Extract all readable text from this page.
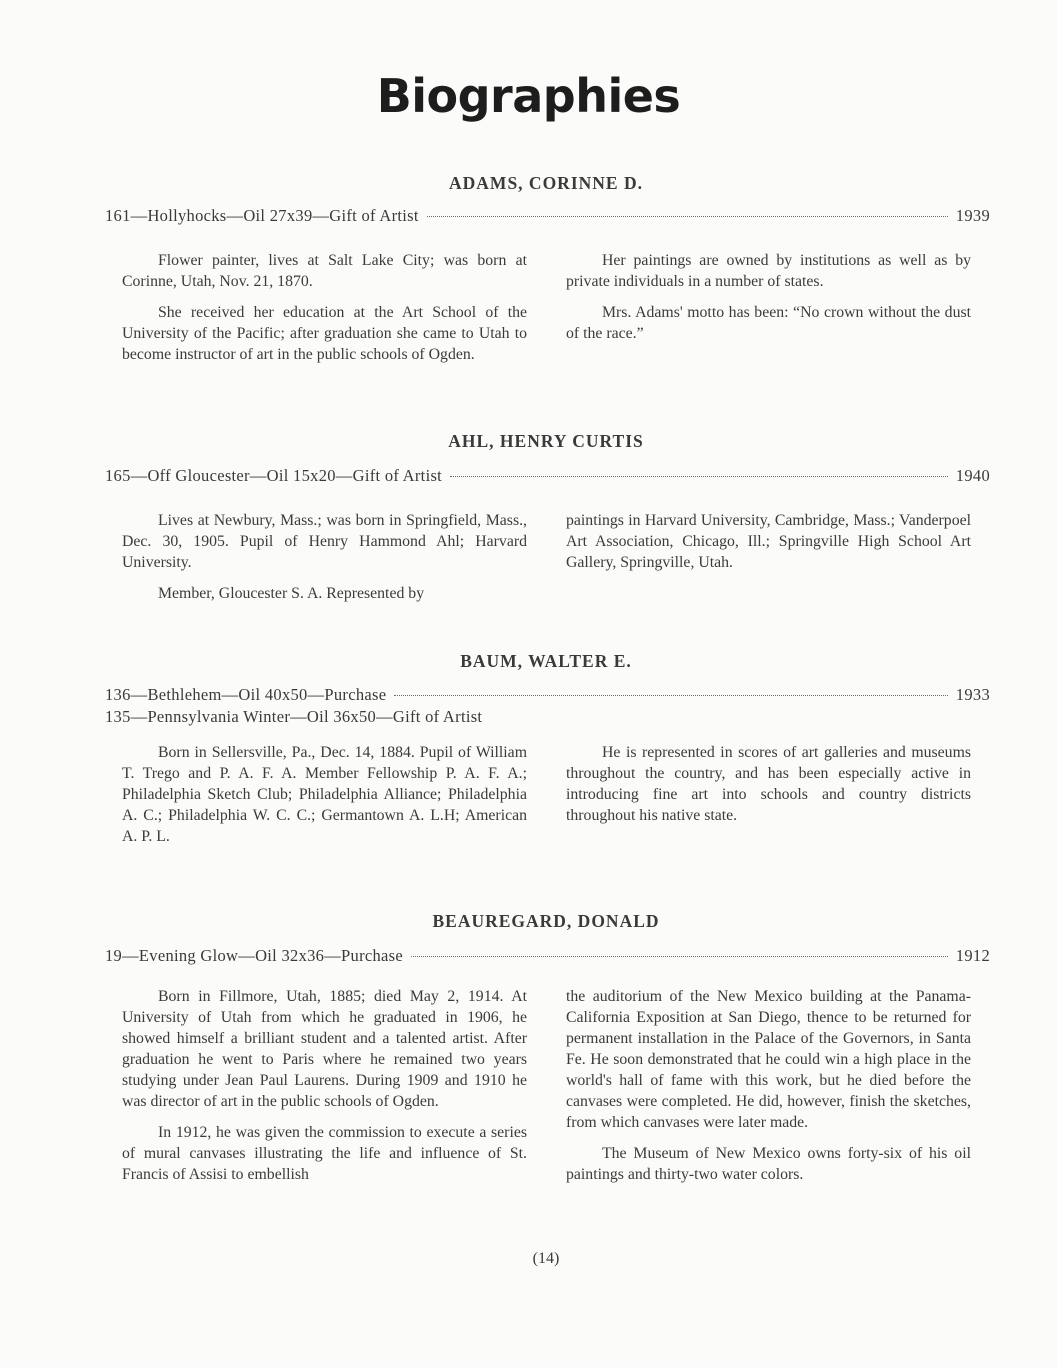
Biographies
ADAMS, CORINNE D.
161—Hollyhocks—Oil 27x39—Gift of Artist	1939

Flower painter, lives at Salt Lake City; was born at Corinne, Utah, Nov. 21, 1870.

She received her education at the Art School of the University of the Pacific; after graduation she came to Utah to become instructor of art in the public schools of Ogden.

Her paintings are owned by institutions as well as by private individuals in a number of states.

Mrs. Adams' motto has been: “No crown without the dust of the race.”

AHL, HENRY CURTIS
165—Off Gloucester—Oil 15x20—Gift of Artist	1940

Lives at Newbury, Mass.; was born in Springfield, Mass., Dec. 30, 1905. Pupil of Henry Hammond Ahl; Harvard University.

Member, Gloucester S. A. Represented by

paintings in Harvard University, Cambridge, Mass.; Vanderpoel Art Association, Chicago, Ill.; Springville High School Art Gallery, Springville, Utah.

BAUM, WALTER E.
136—Bethlehem—Oil 40x50—Purchase	1933
135—Pennsylvania Winter—Oil 36x50—Gift of Artist

Born in Sellersville, Pa., Dec. 14, 1884. Pupil of William T. Trego and P. A. F. A. Member Fellowship P. A. F. A.; Philadelphia Sketch Club; Philadelphia Alliance; Philadelphia A. C.; Philadelphia W. C. C.; Germantown A. L.H; American A. P. L.

He is represented in scores of art galleries and museums throughout the country, and has been especially active in introducing fine art into schools and country districts throughout his native state.

BEAUREGARD, DONALD
19—Evening Glow—Oil 32x36—Purchase	1912

Born in Fillmore, Utah, 1885; died May 2, 1914. At University of Utah from which he graduated in 1906, he showed himself a brilliant student and a talented artist. After graduation he went to Paris where he remained two years studying under Jean Paul Laurens. During 1909 and 1910 he was director of art in the public schools of Ogden.

In 1912, he was given the commission to execute a series of mural canvases illustrating the life and influence of St. Francis of Assisi to embellish

the auditorium of the New Mexico building at the Panama-California Exposition at San Diego, thence to be returned for permanent installation in the Palace of the Governors, in Santa Fe. He soon demonstrated that he could win a high place in the world's hall of fame with this work, but he died before the canvases were completed. He did, however, finish the sketches, from which canvases were later made.

The Museum of New Mexico owns forty-six of his oil paintings and thirty-two water colors.

(14)
